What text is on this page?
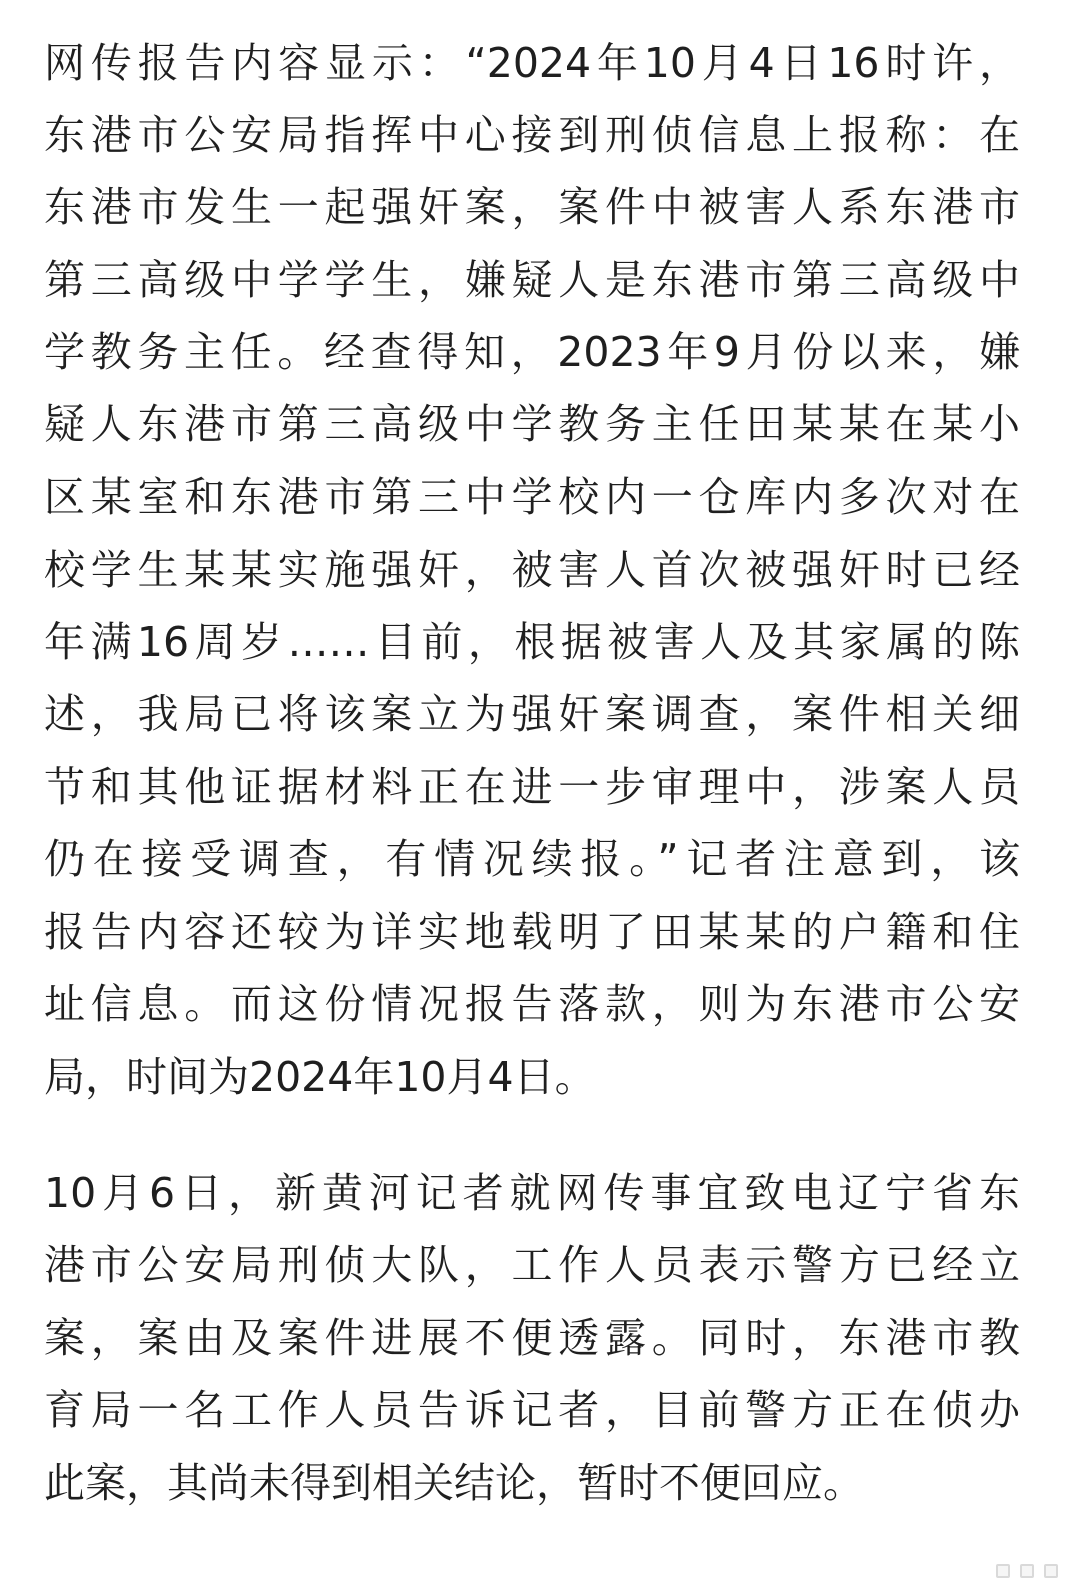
网传报告内容显示：“2024年10月4日16时许，
东港市公安局指挥中心接到刑侦信息上报称：在
东港市发生一起强奸案，案件中被害人系东港市
第三高级中学学生，嫌疑人是东港市第三高级中
学教务主任。经查得知，2023年9月份以来，嫌
疑人东港市第三高级中学教务主任田某某在某小
区某室和东港市第三中学校内一仓库内多次对在
校学生某某实施强奸，被害人首次被强奸时已经
年满16周岁……目前，根据被害人及其家属的陈
述，我局已将该案立为强奸案调查，案件相关细
节和其他证据材料正在进一步审理中，涉案人员
仍在接受调查，有情况续报。”记者注意到，该
报告内容还较为详实地载明了田某某的户籍和住
址信息。而这份情况报告落款，则为东港市公安
局，时间为2024年10月4日。
10月6日，新黄河记者就网传事宜致电辽宁省东
港市公安局刑侦大队，工作人员表示警方已经立
案，案由及案件进展不便透露。同时，东港市教
育局一名工作人员告诉记者，目前警方正在侦办
此案，其尚未得到相关结论，暂时不便回应。
